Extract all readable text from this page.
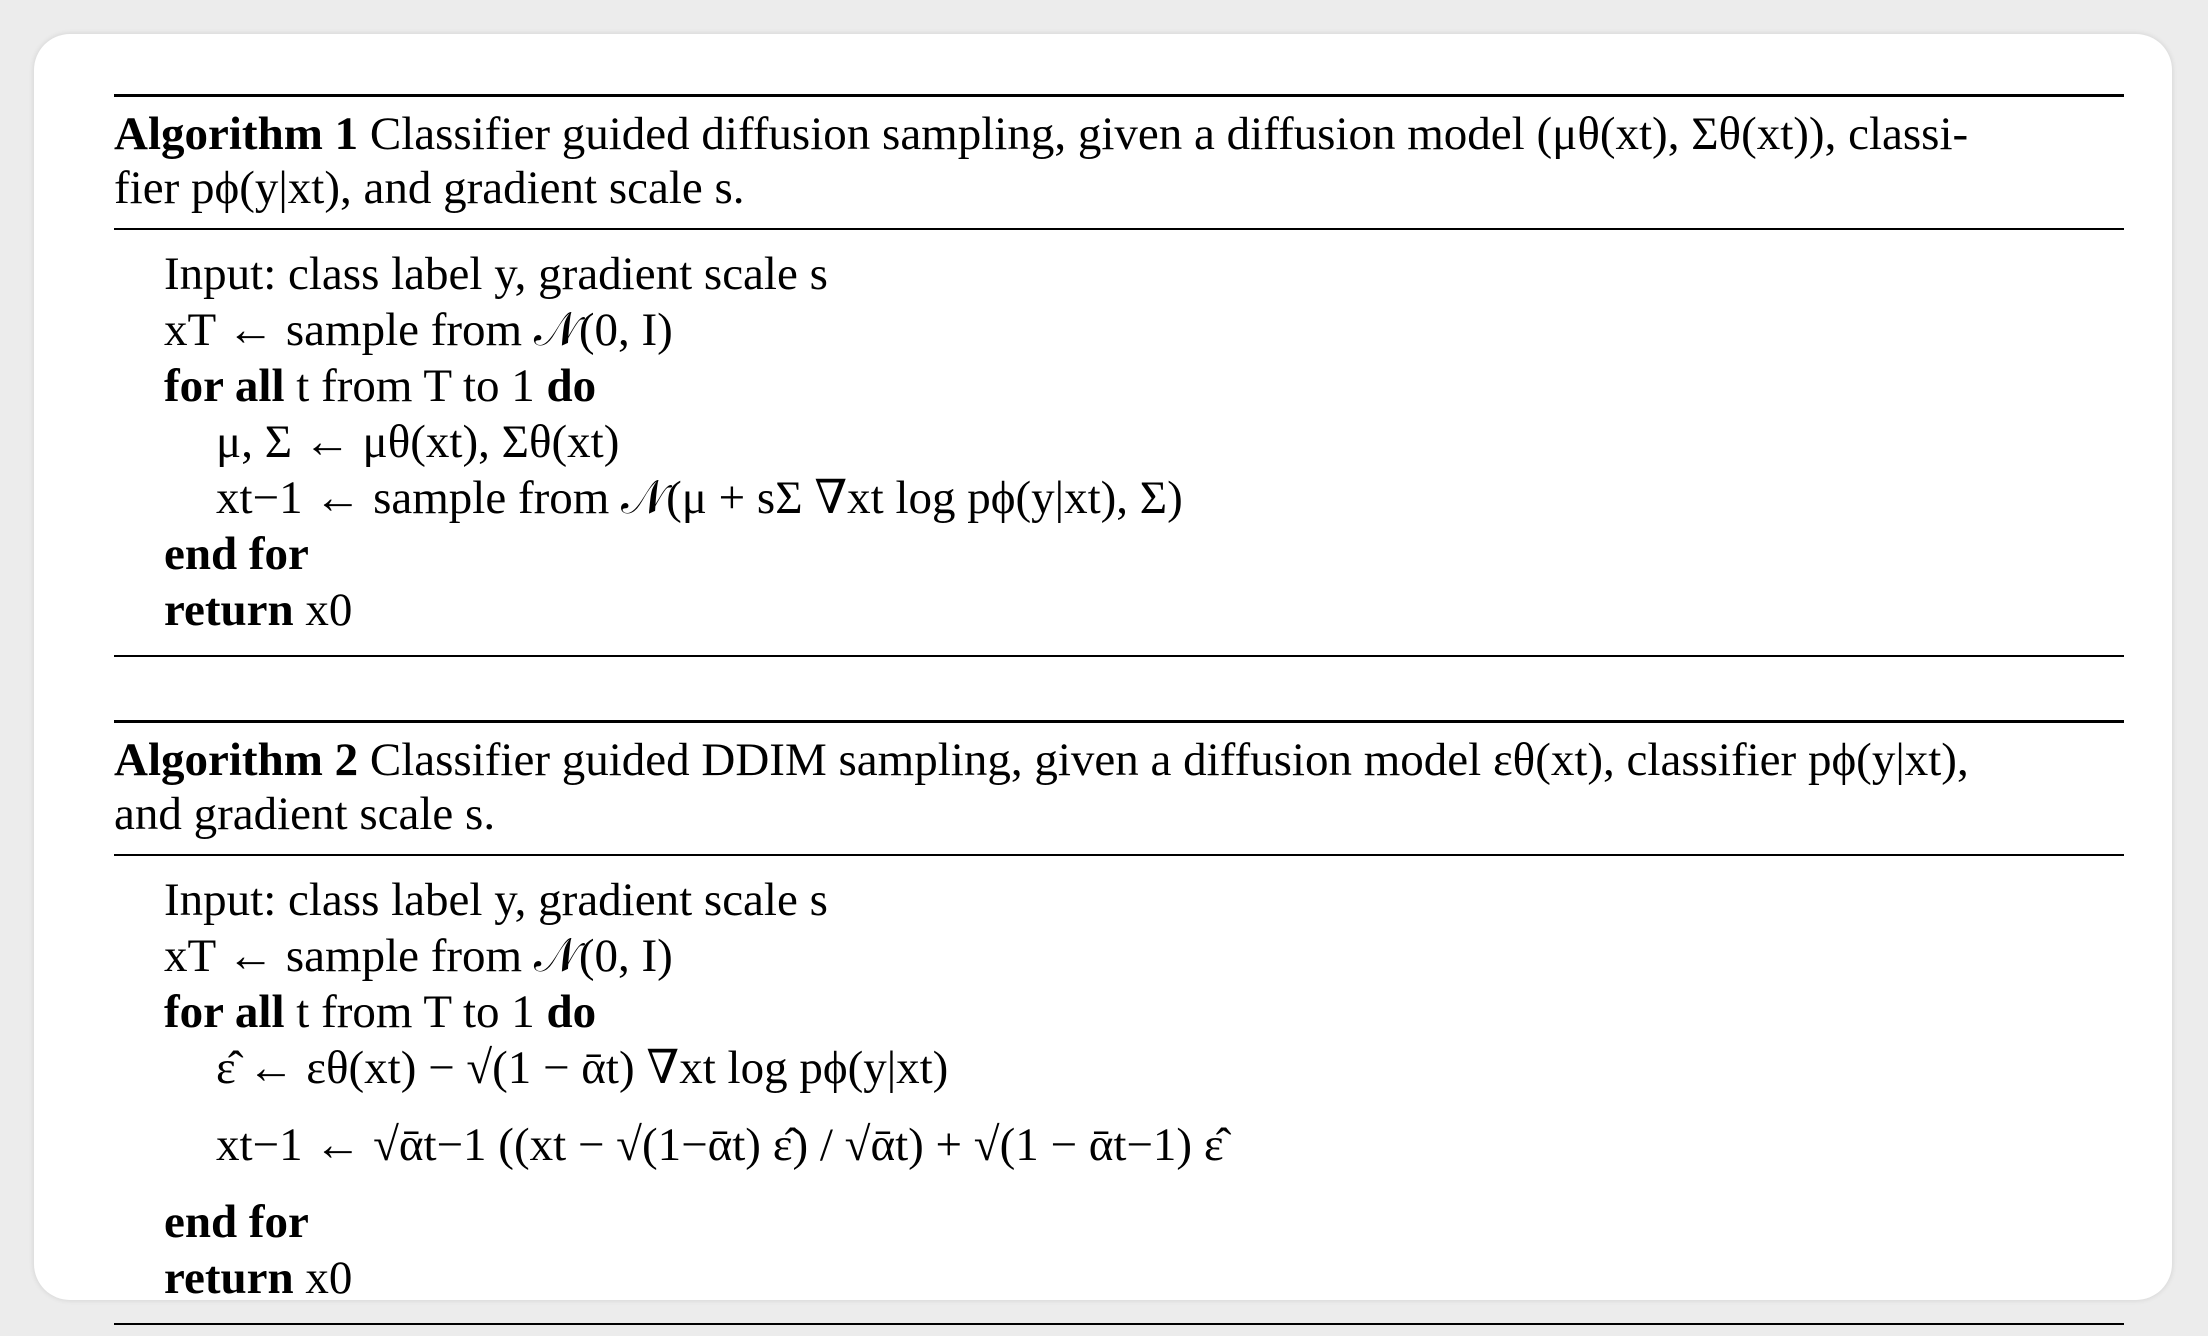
Algorithm 1 Classifier guided diffusion sampling, given a diffusion model (μθ(xt), Σθ(xt)), classi-
fier pϕ(y|xt), and gradient scale s.
Input: class label y, gradient scale s
xT ← sample from 𝒩(0, I)
for all t from T to 1 do
μ, Σ ← μθ(xt), Σθ(xt)
xt−1 ← sample from 𝒩(μ + sΣ ∇xt log pϕ(y|xt), Σ)
end for
return x0
Algorithm 2 Classifier guided DDIM sampling, given a diffusion model εθ(xt), classifier pϕ(y|xt),
and gradient scale s.
Input: class label y, gradient scale s
xT ← sample from 𝒩(0, I)
for all t from T to 1 do
ε̂ ← εθ(xt) − √(1 − ᾱt) ∇xt log pϕ(y|xt)
xt−1 ← √ᾱt−1 ((xt − √(1−ᾱt) ε̂) / √ᾱt) + √(1 − ᾱt−1) ε̂
end for
return x0
